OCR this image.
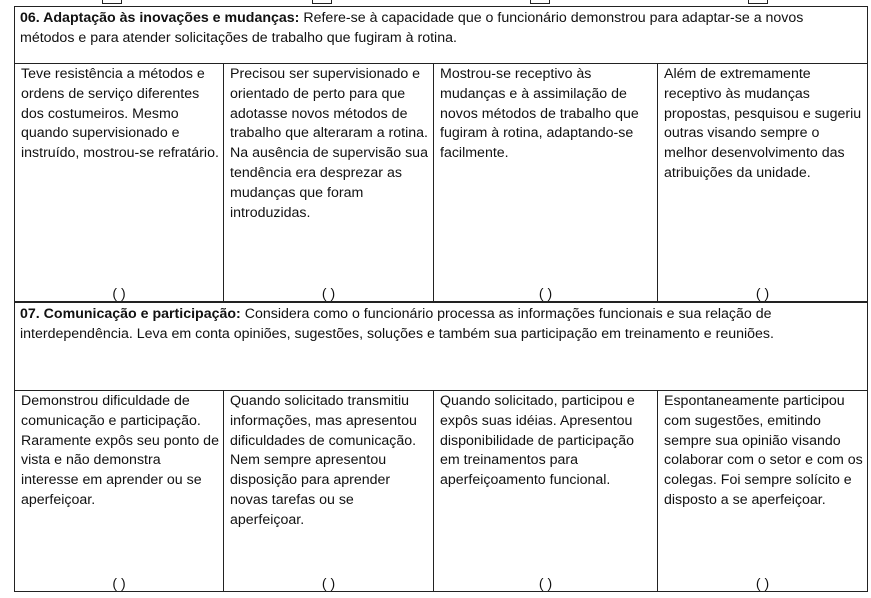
06. Adaptação às inovações e mudanças: Refere-se à capacidade que o funcionário demonstrou para adaptar-se a novos métodos e para atender solicitações de trabalho que fugiram à rotina.
Teve resistência a métodos e ordens de serviço diferentes dos costumeiros. Mesmo quando supervisionado e instruído, mostrou-se refratário.
( )
Precisou ser supervisionado e orientado de perto para que adotasse novos métodos de trabalho que alteraram a rotina. Na ausência de supervisão sua tendência era desprezar as mudanças que foram introduzidas.
( )
Mostrou-se receptivo às mudanças e à assimilação de novos métodos de trabalho que fugiram à rotina, adaptando-se facilmente.
( )
Além de extremamente receptivo às mudanças propostas, pesquisou e sugeriu outras visando sempre o melhor desenvolvimento das atribuições da unidade.
( )
07. Comunicação e participação: Considera como o funcionário processa as informações funcionais e sua relação de interdependência. Leva em conta opiniões, sugestões, soluções e também sua participação em treinamento e reuniões.
Demonstrou dificuldade de comunicação e participação. Raramente expôs seu ponto de vista e não demonstra interesse em aprender ou se aperfeiçoar.
( )
Quando solicitado transmitiu informações, mas apresentou dificuldades de comunicação. Nem sempre apresentou disposição para aprender novas tarefas ou se aperfeiçoar.
( )
Quando solicitado, participou e expôs suas idéias. Apresentou disponibilidade de participação em treinamentos para aperfeiçoamento funcional.
( )
Espontaneamente participou com sugestões, emitindo sempre sua opinião visando colaborar com o setor e com os colegas. Foi sempre solícito e disposto a se aperfeiçoar.
( )
